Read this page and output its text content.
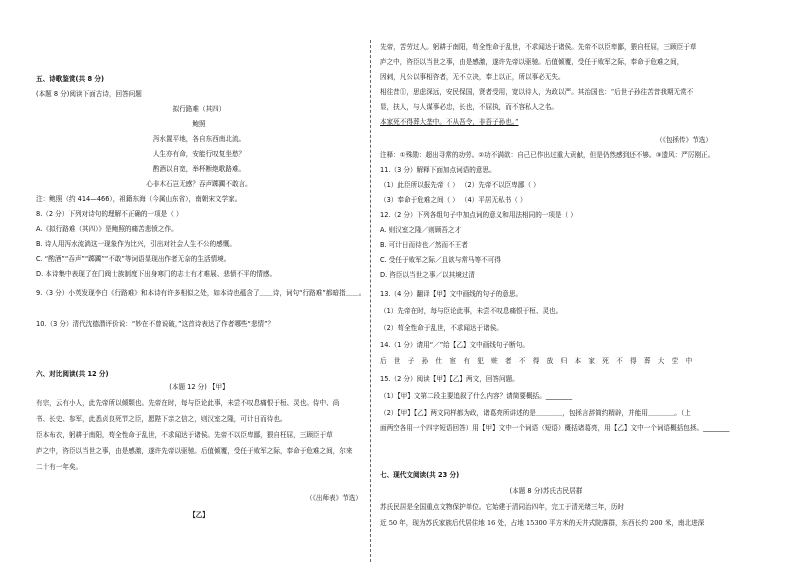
五、诗歌鉴赏(共 8 分)
(本题 8 分)阅读下面古诗，回答问题
拟行路难（其四）
鲍照
泻水置平地，各自东西南北流。
人生亦有命，安能行叹复坐愁？
酌酒以自宽，举杯断绝歌路难。
心非木石岂无感？吞声踯躅不敢言。
注：鲍照（约 414—466），祖籍东海（今属山东省），南朝宋文学家。
8.（2 分）下列对诗句的理解不正确的一项是（ ）
A.《拟行路难（其四）》是鲍照的痛苦悲愤之作。
B. 诗人用泻水流淌这一现象作为比兴，引出对社会人生不公的感慨。
C. “酌酒”“吞声”“踯躅”“不敢”等词语显现出作者无奈的生活情境。
D. 本诗集中表现了在门阀士族制度下出身寒门的志士有才难展、悲愤不平的情感。
9.（3 分）小英发现李白《行路难》和本诗有许多相似之处，如本诗也蕴含了＿＿诗，词句“行路难”都暗指＿＿。
10.（3 分）清代沈德潜评价说：“妙在不曾说破，”这首诗表达了作者哪些“悲情”？
六、对比阅读(共 12 分)
(本题 12 分) 【甲】
有宗，云有小人，此先帝所以倾颓也。先帝在时，每与臣论此事，未尝不叹息痛恨于桓、灵也。侍中、尚
书、长史、参军，此悉贞良死节之臣，愿陛下亲之信之，则汉室之隆，可计日而待也。
臣本布衣，躬耕于南阳，苟全性命于乱世，不求闻达于诸侯。先帝不以臣卑鄙，猥自枉屈，三顾臣于草
庐之中，咨臣以当世之事，由是感激，遂许先帝以驱驰。后值倾覆，受任于败军之际，奉命于危难之间，尔来
二十有一年矣。
（《出师表》节选）
【乙】
先帝，苦劳过人。躬耕于南阳，苟全性命于乱世，不求闻达于诸侯。先帝不以臣卑鄙，猥自枉屈，三顾臣于草
庐之中，咨臣以当世之事，由是感激，遂许先帝以驱驰。后值倾覆，受任于败军之际，奉命于危难之间，
因刺，凡公以事相咨者，无不立决，奉上以正，所以事必无失。
相往昔①，思虑深远，安民保国，贤者受用，宽以待人，为政以严。其治国也：“后世子孙往苦昔我期无赏不
显，扶人，与人谋事必忠，长也，不屈执，而不容私人之名。
本家死不得葬大垄中。不从吾令，非吾子孙也。”
（《包拯传》节选）
注释：①殊勋：超出寻常的功劳。②功不满欲：自己已作出过重大贡献，但是仍然感到还不够。③遗风：严厉刚正。
11.（3 分）解释下面加点词语的意思。
（1）此臣所以报先帝（ ） （2）先帝不以臣卑鄙（ ）
（3）奉命于危难之间（ ） （4）平居无私书（ ）
12.（2 分）下列各组句子中加点词的意义和用法相同的一项是（ ）
A. 则汉室之隆／则顾吾之才
B. 可计日而待也／然而不王者
C. 受任于败军之际／且欲与常马等不可得
D. 咨臣以当世之事／以其境过清
13.（4 分）翻译【甲】文中画线的句子的意思。
（1）先帝在时，每与臣论此事，未尝不叹息痛恨于桓、灵也。
（2）苟全性命于乱世，不求闻达于诸侯。
14.（1 分）请用“／”给【乙】文中画线句子断句。
后 世 子 孙 仕 宦 有 犯 赃 者 不 得 放 归 本 家 死 不 得 葬 大 茔 中
15.（2 分）阅读【甲】【乙】两文，回答问题。
（1）【甲】文第二段主要追叙了什么内容？请简要概括。________
（2）【甲】【乙】两文同样都为政，诸葛亮所讲述的是＿＿＿＿，包拯言辞简约精辟，并能用＿＿＿＿。（上
面两空各用一个四字短语回答）用【甲】文中一个词语（短语）概括诸葛亮，用【乙】文中一个词语概括包拯。________
七、现代文阅读(共 23 分)
(本题 8 分)苏氏古民居群
苏氏民居是全国重点文物保护单位。它始建于清同治四年，完工于清光绪三年，历时
近 50 年，现为苏氏家族后代居住地 16 处，占地 15300 平方米的天井式院落群，东西长约 200 米，南北进深
